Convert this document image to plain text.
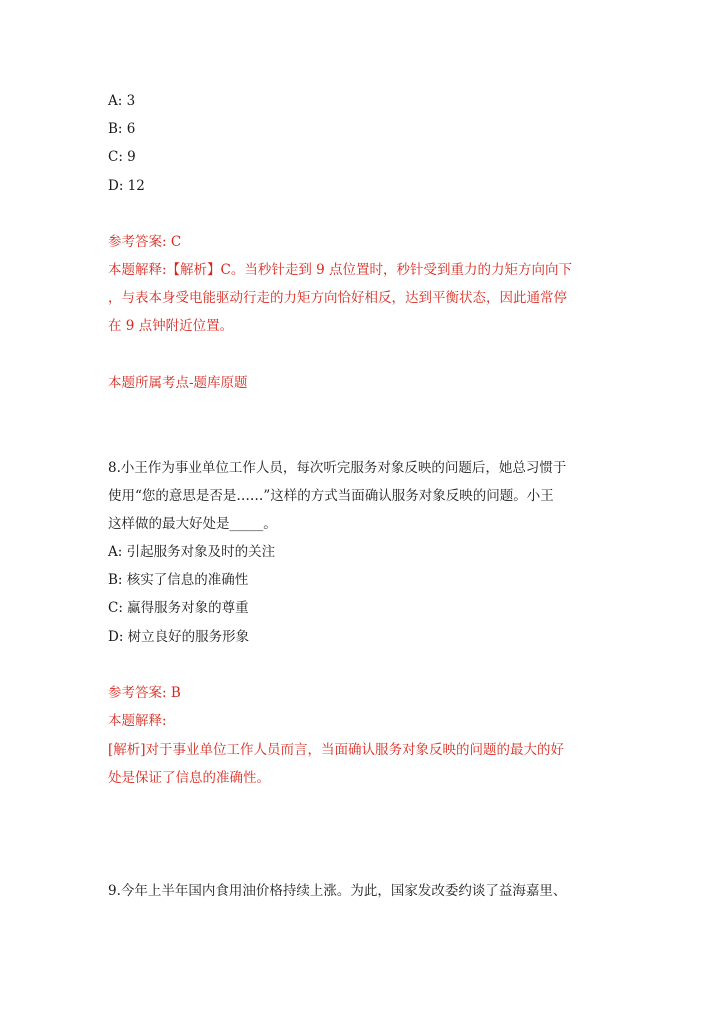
A: 3
B: 6
C: 9
D: 12
参考答案: C
本题解释:【解析】C。当秒针走到 9 点位置时，秒针受到重力的力矩方向向下
，与表本身受电能驱动行走的力矩方向恰好相反，达到平衡状态，因此通常停
在 9 点钟附近位置。
本题所属考点-题库原题
8.小王作为事业单位工作人员，每次听完服务对象反映的问题后，她总习惯于
使用“您的意思是否是……”这样的方式当面确认服务对象反映的问题。小王
这样做的最大好处是_____。
A: 引起服务对象及时的关注
B: 核实了信息的准确性
C: 赢得服务对象的尊重
D: 树立良好的服务形象
参考答案: B
本题解释:
[解析]对于事业单位工作人员而言，当面确认服务对象反映的问题的最大的好
处是保证了信息的准确性。
9.今年上半年国内食用油价格持续上涨。为此，国家发改委约谈了益海嘉里、
